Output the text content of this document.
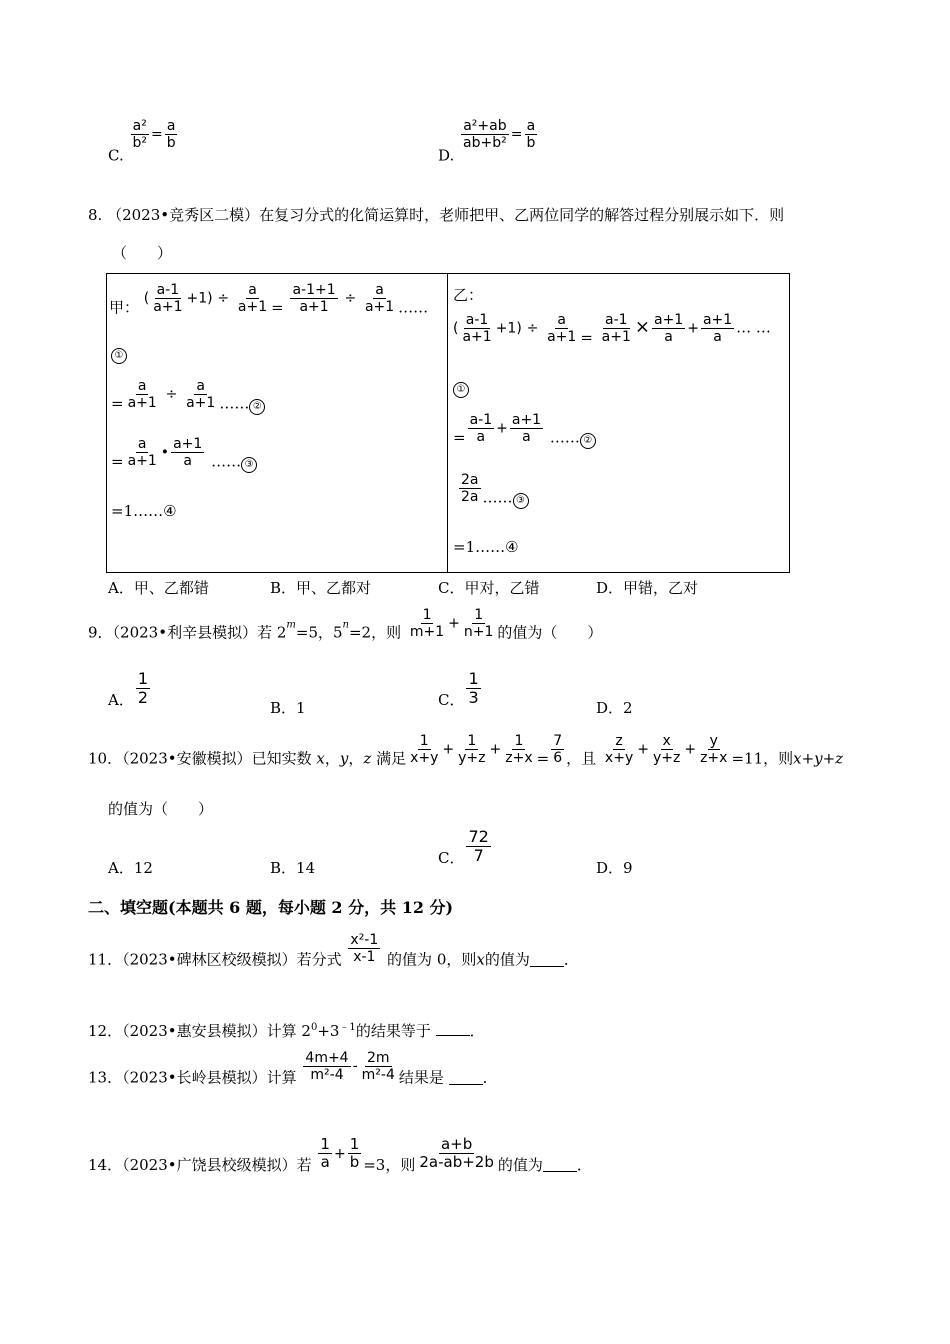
C.
$\frac{\text{a²}}{\text{b²}} = \frac{a}{b}$
D.
$\frac{\text{a²+ab}}{\text{ab+b²}} = \frac{a}{b}$
8. （2023•竞秀区二模）在复习分式的化简运算时，老师把甲、乙两位同学的解答过程分别展示如下．则
（　　）
甲： ( $\frac{a-1}{a+1} +1) \div \frac{a}{a+1} = \frac{a-1+1}{a+1} \div \frac{a}{a+1}$ ……
①
= $\frac{a}{a+1} \div \frac{a}{a+1}$ …… ②
= $\frac{a}{a+1}$ • $\frac{a+1}{a}$ …… ③
=1……④
乙：
( $\frac{a-1}{a+1} +1) \div \frac{a}{a+1} = \frac{a-1}{a+1} \times \frac{a+1}{a} + \frac{a+1}{a}$ … …
①
= $\frac{a-1}{a} + \frac{a+1}{a}$ …… ②
$\frac{2a}{2a}$ …… ③
=1……④
A．甲、乙都错	B．甲、乙都对	C．甲对，乙错	D．甲错，乙对
9．（2023•利辛县模拟）若 2m=5，5n=2，则 $\frac{1}{m+1} + \frac{1}{n+1}$ 的值为（　　）
A． $\frac{1}{2}$
B．1	C． $\frac{1}{3}$
D．2
10．（2023•安徽模拟）已知实数 x，y，z 满足 $\frac{1}{x+y} + \frac{1}{y+z} + \frac{1}{z+x} = \frac{7}{6}$ ，且 $\frac{z}{x+y} + \frac{x}{y+z} + \frac{y}{z+x} =11$，则x+y+z
的值为（　　）
A．12	B．14
C． $\frac{72}{7}$
D．9
二、填空题(本题共 6 题，每小题 2 分，共 12 分)
11．（2023•碑林区校级模拟）若分式 $\frac{\text{x²-1}}{x-1}$ 的值为 0，则x的值为 ．
12．（2023•惠安县模拟）计算 $2^0+3^{﹣1}$的结果等于	．
13．（2023•长岭县模拟）计算 $\frac{4m+4}{\text{m²-4}} - \frac{2m}{\text{m²-4}}$ 结果是	．
14．（2023•广饶县校级模拟）若 $\frac{1}{a} + \frac{1}{b} =3$，则 $\frac{a+b}{2a-ab+2b}$ 的值为 ．
